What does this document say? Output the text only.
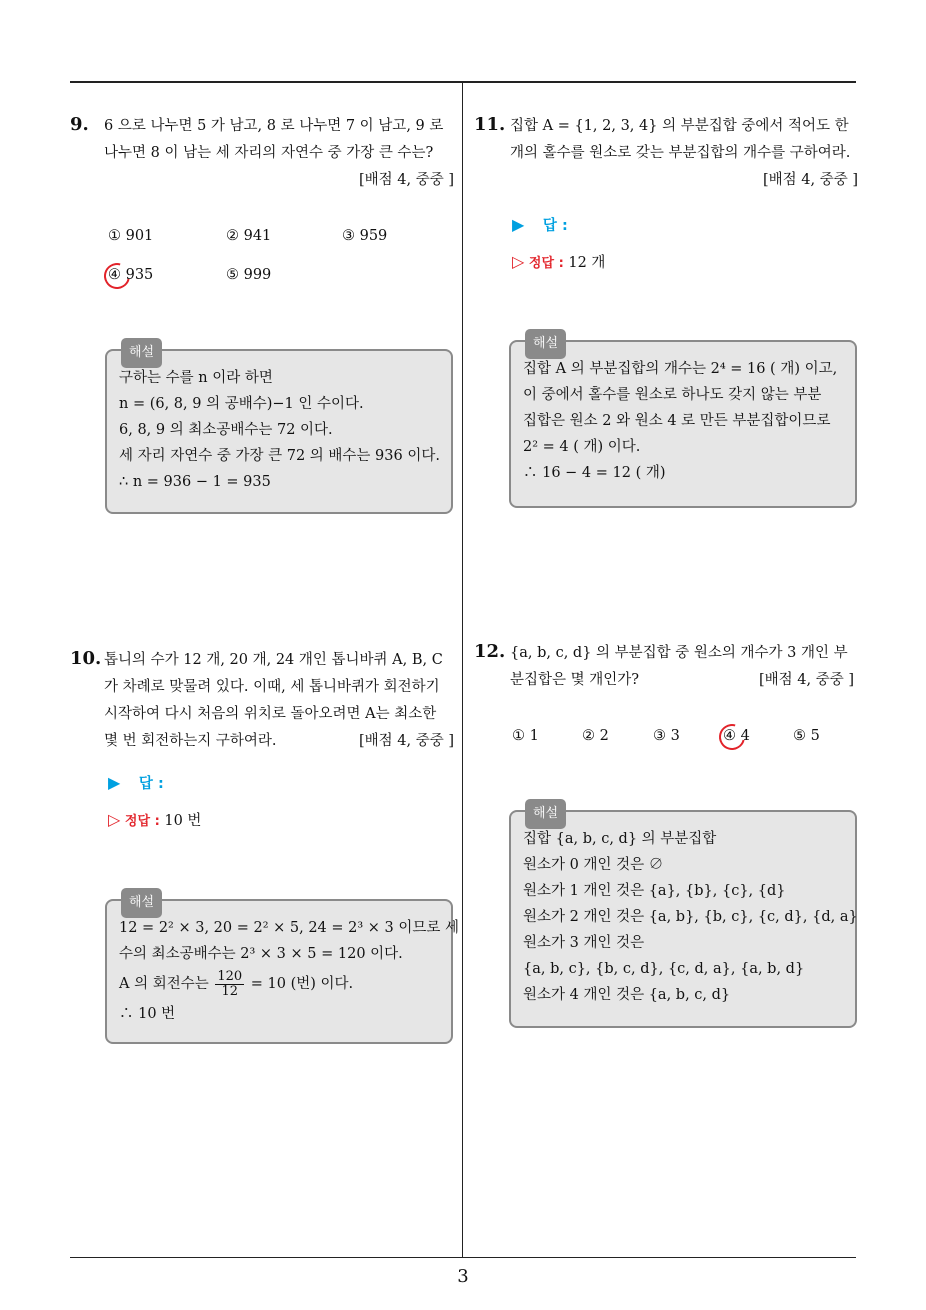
9. 6 으로 나누면 5 가 남고, 8 로 나누면 7 이 남고, 9 로 나누면 8 이 남는 세 자리의 자연수 중 가장 큰 수는?
[배점 4, 중중 ]
① 901	② 941	③ 959
④ 935	⑤ 999
해설
구하는 수를 n 이라 하면
n = (6, 8, 9 의 공배수)−1 인 수이다.
6, 8, 9 의 최소공배수는 72 이다.
세 자리 자연수 중 가장 큰 72 의 배수는 936 이다.
∴ n = 936 − 1 = 935
10. 톱니의 수가 12 개, 20 개, 24 개인 톱니바퀴 A, B, C 가 차례로 맞물려 있다. 이때, 세 톱니바퀴가 회전하기 시작하여 다시 처음의 위치로 돌아오려면 A는 최소한 몇 번 회전하는지 구하여라.	[배점 4, 중중 ]
▶ 답 :
▷ 정답 : 10 번
해설
12 = 2² × 3, 20 = 2² × 5, 24 = 2³ × 3 이므로 세
수의 최소공배수는 2³ × 3 × 5 = 120 이다.
A 의 회전수는 $\frac{120}{12} = 10$ (번) 이다.
∴ 10 번
11. 집합 A = {1, 2, 3, 4} 의 부분집합 중에서 적어도 한 개의 홀수를 원소로 갖는 부분집합의 개수를 구하여라.
[배점 4, 중중 ]
▶ 답 :
▷ 정답 : 12 개
해설
집합 A 의 부분집합의 개수는 2⁴ = 16 ( 개) 이고,
이 중에서 홀수를 원소로 하나도 갖지 않는 부분
집합은 원소 2 와 원소 4 로 만든 부분집합이므로
2² = 4 ( 개) 이다.
∴ 16 − 4 = 12 ( 개)
12. {a, b, c, d} 의 부분집합 중 원소의 개수가 3 개인 부분집합은 몇 개인가?	[배점 4, 중중 ]
① 1	② 2	③ 3	④ 4	⑤ 5
해설
집합 {a, b, c, d} 의 부분집합
원소가 0 개인 것은 ∅
원소가 1 개인 것은 {a}, {b}, {c}, {d}
원소가 2 개인 것은 {a, b}, {b, c}, {c, d}, {d, a}
원소가 3 개인 것은
{a, b, c}, {b, c, d}, {c, d, a}, {a, b, d}
원소가 4 개인 것은 {a, b, c, d}
3
